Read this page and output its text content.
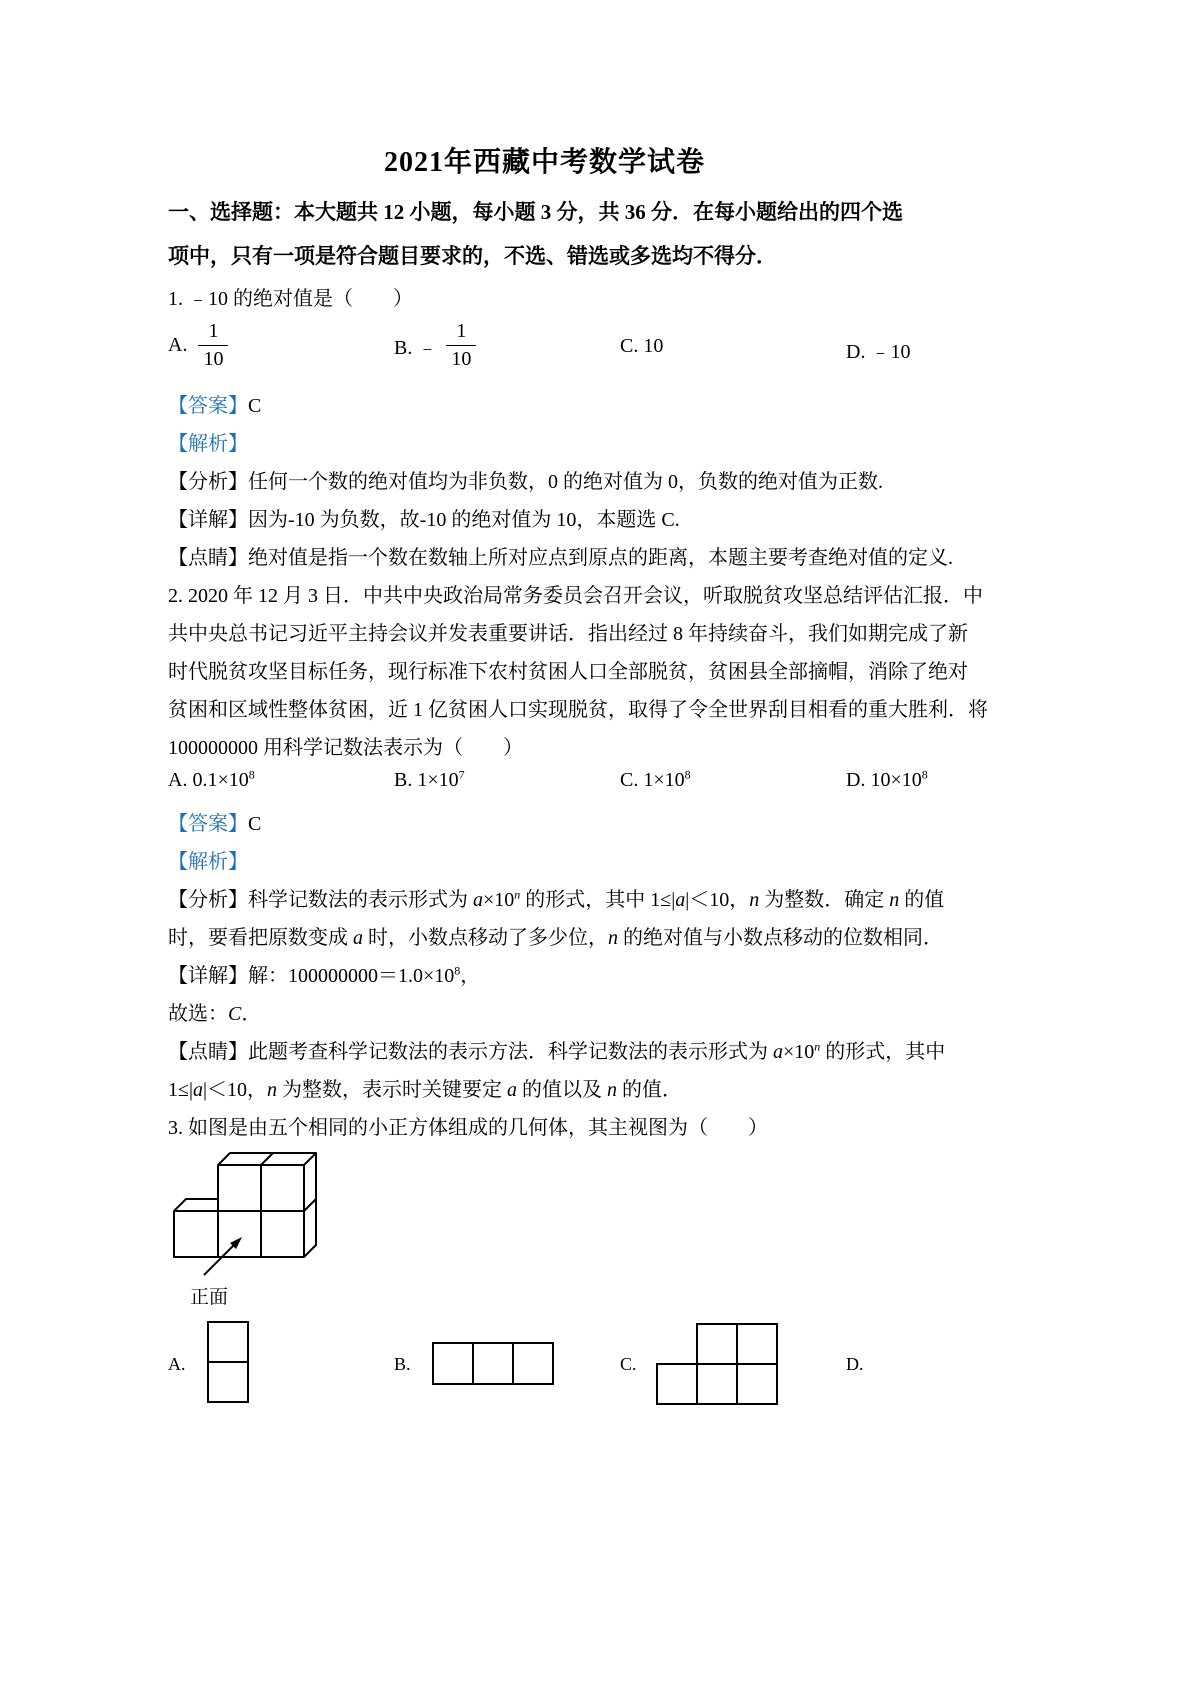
2021年西藏中考数学试卷
一、选择题：本大题共 12 小题，每小题 3 分，共 36 分．在每小题给出的四个选
项中，只有一项是符合题目要求的，不选、错选或多选均不得分．
1. ﹣10 的绝对值是（　　）
A. $\frac{1}{10}$	B. ﹣ $\frac{1}{10}$	C. 10	D. ﹣10
【答案】C
【解析】
【分析】任何一个数的绝对值均为非负数，0 的绝对值为 0，负数的绝对值为正数.
【详解】因为-10 为负数，故-10 的绝对值为 10，本题选 C.
【点睛】绝对值是指一个数在数轴上所对应点到原点的距离，本题主要考查绝对值的定义.
2. 2020 年 12 月 3 日．中共中央政治局常务委员会召开会议，听取脱贫攻坚总结评估汇报．中
共中央总书记习近平主持会议并发表重要讲话．指出经过 8 年持续奋斗，我们如期完成了新
时代脱贫攻坚目标任务，现行标准下农村贫困人口全部脱贫，贫困县全部摘帽，消除了绝对
贫困和区域性整体贫困，近 1 亿贫困人口实现脱贫，取得了令全世界刮目相看的重大胜利．将
100000000 用科学记数法表示为（　　）
A. $0.1\times 10^8$	B. $1\times 10^7$	C. $1\times 10^8$	D. $10\times 10^8$
【答案】C
【解析】
【分析】科学记数法的表示形式为 $a\times 10^n$ 的形式，其中 1≤|a|＜10，n 为整数．确定 n 的值
时，要看把原数变成 a 时，小数点移动了多少位，n 的绝对值与小数点移动的位数相同．
【详解】解：$100000000=1.0\times 10^8$，
故选：C．
【点睛】此题考查科学记数法的表示方法．科学记数法的表示形式为 $a\times 10^n$ 的形式，其中
1≤|a|＜10，n 为整数，表示时关键要定 a 的值以及 n 的值．
3. 如图是由五个相同的小正方体组成的几何体，其主视图为（　　）
正面
A.	B.	C.	D.
